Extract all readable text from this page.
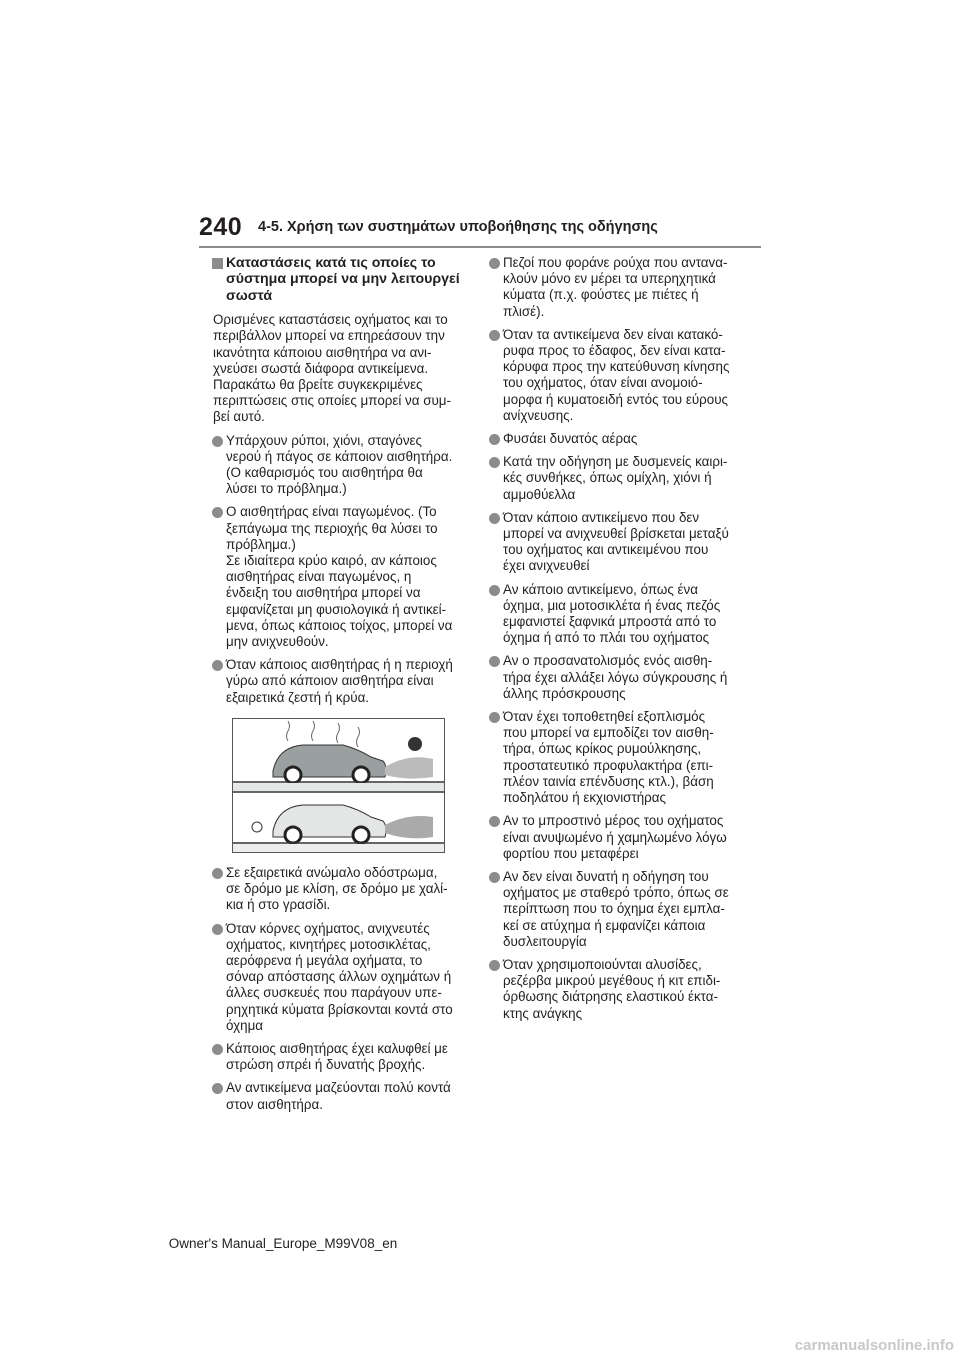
240 4-5. Χρήση των συστημάτων υποβοήθησης της οδήγησης
Καταστάσεις κατά τις οποίες το
σύστημα μπορεί να μην λειτουργεί
σωστά
Ορισμένες καταστάσεις οχήματος και το
περιβάλλον μπορεί να επηρεάσουν την
ικανότητα κάποιου αισθητήρα να ανι-
χνεύσει σωστά διάφορα αντικείμενα.
Παρακάτω θα βρείτε συγκεκριμένες
περιπτώσεις στις οποίες μπορεί να συμ-
βεί αυτό.
Υπάρχουν ρύποι, χιόνι, σταγόνες
νερού ή πάγος σε κάποιον αισθητήρα.
(Ο καθαρισμός του αισθητήρα θα
λύσει το πρόβλημα.)
Ο αισθητήρας είναι παγωμένος. (Το
ξεπάγωμα της περιοχής θα λύσει το
πρόβλημα.)
Σε ιδιαίτερα κρύο καιρό, αν κάποιος
αισθητήρας είναι παγωμένος, η
ένδειξη του αισθητήρα μπορεί να
εμφανίζεται μη φυσιολογικά ή αντικεί-
μενα, όπως κάποιος τοίχος, μπορεί να
μην ανιχνευθούν.
Όταν κάποιος αισθητήρας ή η περιοχή
γύρω από κάποιον αισθητήρα είναι
εξαιρετικά ζεστή ή κρύα.
Σε εξαιρετικά ανώμαλο οδόστρωμα,
σε δρόμο με κλίση, σε δρόμο με χαλί-
κια ή στο γρασίδι.
Όταν κόρνες οχήματος, ανιχνευτές
οχήματος, κινητήρες μοτοσικλέτας,
αερόφρενα ή μεγάλα οχήματα, το
σόναρ απόστασης άλλων οχημάτων ή
άλλες συσκευές που παράγουν υπε-
ρηχητικά κύματα βρίσκονται κοντά στο
όχημα
Κάποιος αισθητήρας έχει καλυφθεί με
στρώση σπρέι ή δυνατής βροχής.
Αν αντικείμενα μαζεύονται πολύ κοντά
στον αισθητήρα.
Πεζοί που φοράνε ρούχα που ανταvα-
κλούν μόνο εν μέρει τα υπερηχητικά
κύματα (π.χ. φούστες με πιέτες ή
πλισέ).
Όταν τα αντικείμενα δεν είναι κατακό-
ρυφα προς το έδαφος, δεν είναι κατα-
κόρυφα προς την κατεύθυνση κίνησης
του οχήματος, όταν είναι ανομοιό-
μορφα ή κυματοειδή εντός του εύρους
ανίχνευσης.
Φυσάει δυνατός αέρας
Κατά την οδήγηση με δυσμενείς καιρι-
κές συνθήκες, όπως ομίχλη, χιόνι ή
αμμοθύελλα
Όταν κάποιο αντικείμενο που δεν
μπορεί να ανιχνευθεί βρίσκεται μεταξύ
του οχήματος και αντικειμένου που
έχει ανιχνευθεί
Αν κάποιο αντικείμενο, όπως ένα
όχημα, μια μοτοσικλέτα ή ένας πεζός
εμφανιστεί ξαφνικά μπροστά από το
όχημα ή από το πλάι του οχήματος
Αν ο προσανατολισμός ενός αισθη-
τήρα έχει αλλάξει λόγω σύγκρουσης ή
άλλης πρόσκρουσης
Όταν έχει τοποθετηθεί εξοπλισμός
που μπορεί να εμποδίζει τον αισθη-
τήρα, όπως κρίκος ρυμούλκησης,
προστατευτικό προφυλακτήρα (επι-
πλέον ταινία επένδυσης κτλ.), βάση
ποδηλάτου ή εκχιονιστήρας
Αν το μπροστινό μέρος του οχήματος
είναι ανυψωμένο ή χαμηλωμένο λόγω
φορτίου που μεταφέρει
Αν δεν είναι δυνατή η οδήγηση του
οχήματος με σταθερό τρόπο, όπως σε
περίπτωση που το όχημα έχει εμπλα-
κεί σε ατύχημα ή εμφανίζει κάποια
δυσλειτουργία
Όταν χρησιμοποιούνται αλυσίδες,
ρεζέρβα μικρού μεγέθους ή κιτ επιδι-
όρθωσης διάτρησης ελαστικού έκτα-
κτης ανάγκης
Owner's Manual_Europe_M99V08_en
carmanualsonline.info
